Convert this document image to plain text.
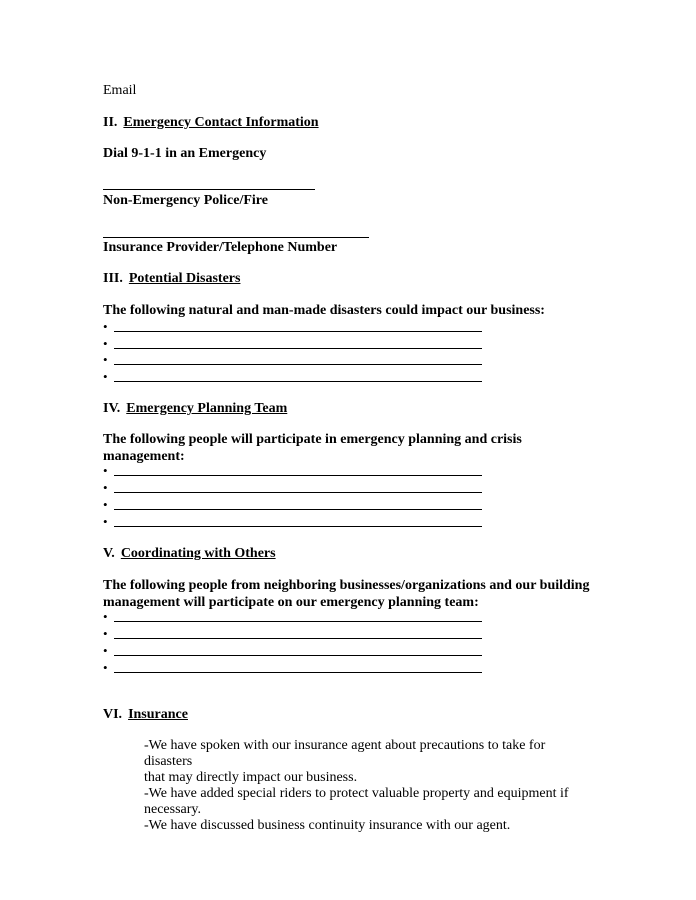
Email
II. Emergency Contact Information
Dial 9-1-1 in an Emergency
Non-Emergency Police/Fire
Insurance Provider/Telephone Number
III. Potential Disasters
The following natural and man-made disasters could impact our business:
•
•
•
•
IV. Emergency Planning Team
The following people will participate in emergency planning and crisis
management:
•
•
•
•
V. Coordinating with Others
The following people from neighboring businesses/organizations and our building
management will participate on our emergency planning team:
•
•
•
•
VI. Insurance

-We have spoken with our insurance agent about precautions to take for disasters

that may directly impact our business.

-We have added special riders to protect valuable property and equipment if

necessary.

-We have discussed business continuity insurance with our agent.
